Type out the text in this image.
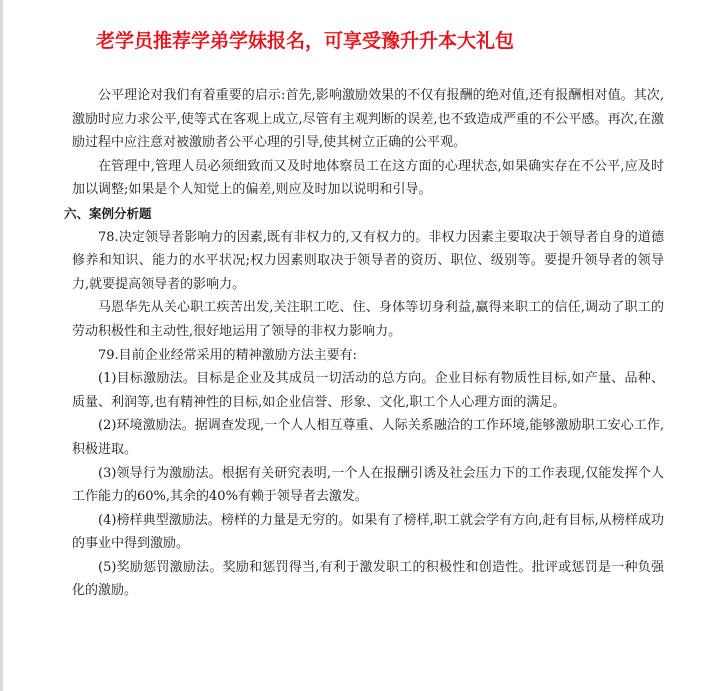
老学员推荐学弟学妹报名，可享受豫升升本大礼包

公平理论对我们有着重要的启示:首先,影响激励效果的不仅有报酬的绝对值,还有报酬相对值。其次,激励时应力求公平,使等式在客观上成立,尽管有主观判断的误差,也不致造成严重的不公平感。再次,在激励过程中应注意对被激励者公平心理的引导,使其树立正确的公平观。

在管理中,管理人员必须细致而又及时地体察员工在这方面的心理状态,如果确实存在不公平,应及时加以调整;如果是个人知觉上的偏差,则应及时加以说明和引导。

六、案例分析题

78.决定领导者影响力的因素,既有非权力的,又有权力的。非权力因素主要取决于领导者自身的道德修养和知识、能力的水平状况;权力因素则取决于领导者的资历、职位、级别等。要提升领导者的领导力,就要提高领导者的影响力。

马恩华先从关心职工疾苦出发,关注职工吃、住、身体等切身利益,赢得来职工的信任,调动了职工的劳动积极性和主动性,很好地运用了领导的非权力影响力。

79.目前企业经常采用的精神激励方法主要有:

(1)目标激励法。目标是企业及其成员一切活动的总方向。企业目标有物质性目标,如产量、品种、质量、利润等,也有精神性的目标,如企业信誉、形象、文化,职工个人心理方面的满足。

(2)环境激励法。据调查发现,一个人人相互尊重、人际关系融洽的工作环境,能够激励职工安心工作,积极进取。

(3)领导行为激励法。根据有关研究表明,一个人在报酬引诱及社会压力下的工作表现,仅能发挥个人工作能力的60%,其余的40%有赖于领导者去激发。

(4)榜样典型激励法。榜样的力量是无穷的。如果有了榜样,职工就会学有方向,赶有目标,从榜样成功的事业中得到激励。

(5)奖励惩罚激励法。奖励和惩罚得当,有利于激发职工的积极性和创造性。批评或惩罚是一种负强化的激励。
